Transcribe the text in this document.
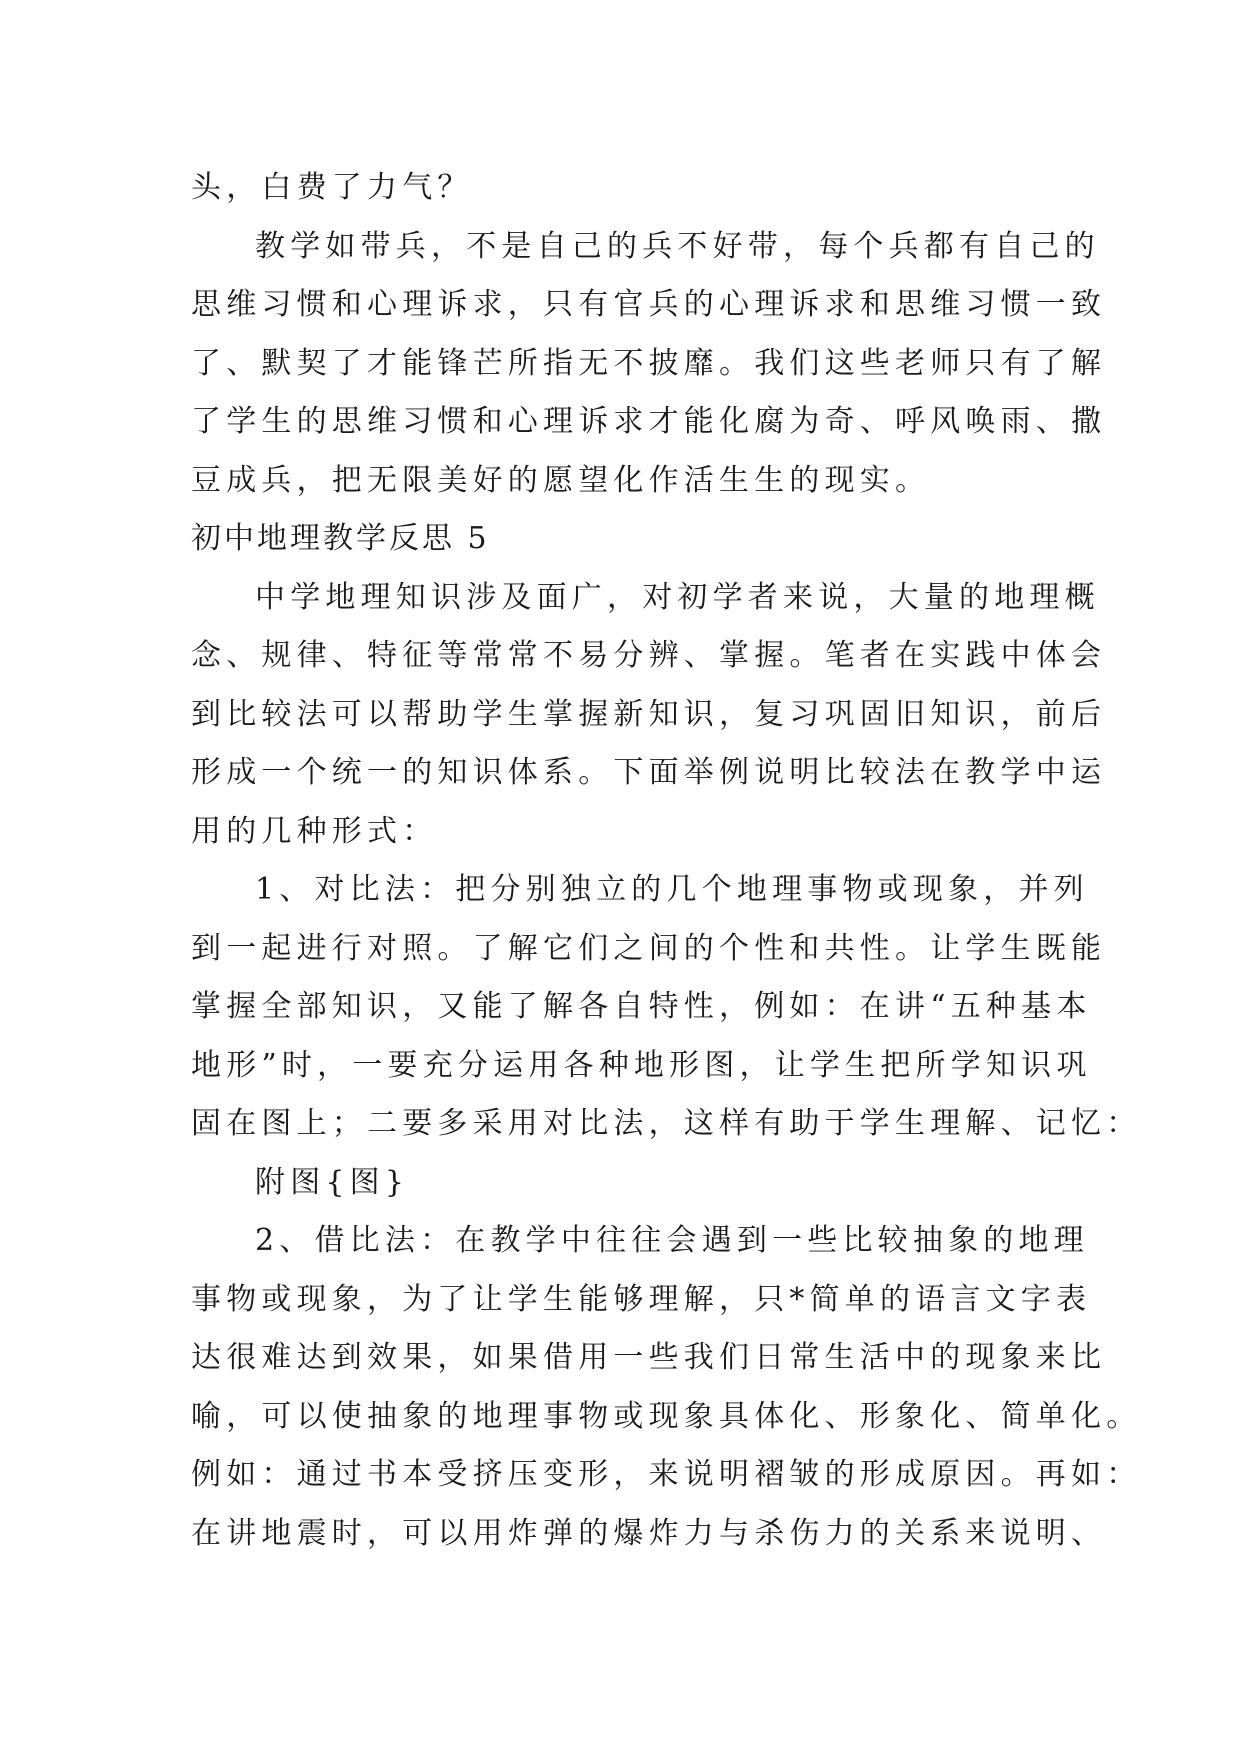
头，白费了力气？
教学如带兵，不是自己的兵不好带，每个兵都有自己的
思维习惯和心理诉求，只有官兵的心理诉求和思维习惯一致
了、默契了才能锋芒所指无不披靡。我们这些老师只有了解
了学生的思维习惯和心理诉求才能化腐为奇、呼风唤雨、撒
豆成兵，把无限美好的愿望化作活生生的现实。
初中地理教学反思 5
中学地理知识涉及面广，对初学者来说，大量的地理概
念、规律、特征等常常不易分辨、掌握。笔者在实践中体会
到比较法可以帮助学生掌握新知识，复习巩固旧知识，前后
形成一个统一的知识体系。下面举例说明比较法在教学中运
用的几种形式：
1、对比法：把分别独立的几个地理事物或现象，并列
到一起进行对照。了解它们之间的个性和共性。让学生既能
掌握全部知识，又能了解各自特性，例如：在讲“五种基本
地形”时，一要充分运用各种地形图，让学生把所学知识巩
固在图上；二要多采用对比法，这样有助于学生理解、记忆：
附图{图}
2、借比法：在教学中往往会遇到一些比较抽象的地理
事物或现象，为了让学生能够理解，只*简单的语言文字表
达很难达到效果，如果借用一些我们日常生活中的现象来比
喻，可以使抽象的地理事物或现象具体化、形象化、简单化。
例如：通过书本受挤压变形，来说明褶皱的形成原因。再如：
在讲地震时，可以用炸弹的爆炸力与杀伤力的关系来说明、
